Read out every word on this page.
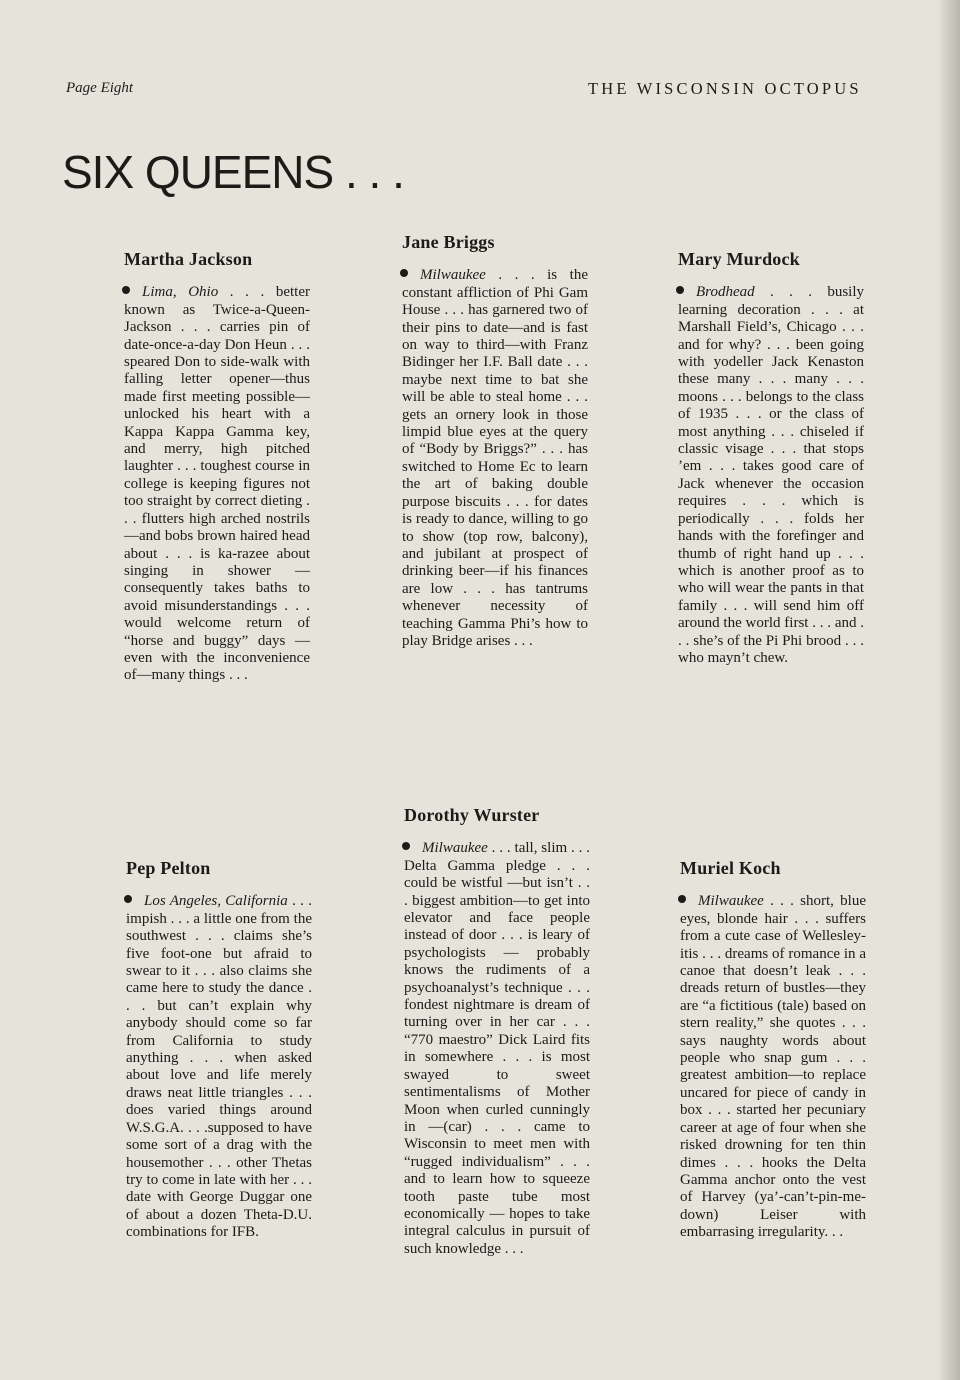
Page Eight	THE WISCONSIN OCTOPUS
SIX QUEENS . . .
Martha Jackson

Lima, Ohio . . . better known as Twice-a-Queen-Jackson . . . carries pin of date-once-a-day Don Heun . . . speared Don to side-walk with falling letter opener—thus made first meeting possible—unlocked his heart with a Kappa Kappa Gamma key, and merry, high pitched laughter . . . toughest course in college is keeping figures not too straight by correct dieting . . . flutters high arched nostrils—and bobs brown haired head about . . . is ka-razee about singing in shower — consequently takes baths to avoid misunderstandings . . . would welcome return of “horse and buggy” days —even with the inconvenience of—many things . . .

Jane Briggs

Milwaukee . . . is the constant affliction of Phi Gam House . . . has garnered two of their pins to date—and is fast on way to third—with Franz Bidinger her I.F. Ball date . . . maybe next time to bat she will be able to steal home . . . gets an ornery look in those limpid blue eyes at the query of “Body by Briggs?” . . . has switched to Home Ec to learn the art of baking double purpose biscuits . . . for dates is ready to dance, willing to go to show (top row, balcony), and jubilant at prospect of drinking beer—if his finances are low . . . has tantrums whenever necessity of teaching Gamma Phi’s how to play Bridge arises . . .

Mary Murdock

Brodhead . . . busily learning decoration . . . at Marshall Field’s, Chicago . . . and for why? . . . been going with yodeller Jack Kenaston these many . . . many . . . moons . . . belongs to the class of 1935 . . . or the class of most anything . . . chiseled if classic visage . . . that stops ’em . . . takes good care of Jack whenever the occasion requires . . . which is periodically . . . folds her hands with the forefinger and thumb of right hand up . . . which is another proof as to who will wear the pants in that family . . . will send him off around the world first . . . and . . . she’s of the Pi Phi brood . . . who mayn’t chew.

Pep Pelton

Los Angeles, California . . . impish . . . a little one from the southwest . . . claims she’s five foot-one but afraid to swear to it . . . also claims she came here to study the dance . . . but can’t explain why anybody should come so far from California to study anything . . . when asked about love and life merely draws neat little triangles . . . does varied things around W.S.G.A. . . .supposed to have some sort of a drag with the housemother . . . other Thetas try to come in late with her . . . date with George Duggar one of about a dozen Theta-D.U. combinations for IFB.

Dorothy Wurster

Milwaukee . . . tall, slim . . . Delta Gamma pledge . . . could be wistful —but isn’t . . . biggest ambition—to get into elevator and face people instead of door . . . is leary of psychologists — probably knows the rudiments of a psychoanalyst’s technique . . . fondest nightmare is dream of turning over in her car . . . “770 maestro” Dick Laird fits in somewhere . . . is most swayed to sweet sentimentalisms of Mother Moon when curled cunningly in —(car) . . . came to Wisconsin to meet men with “rugged individualism” . . . and to learn how to squeeze tooth paste tube most economically — hopes to take integral calculus in pursuit of such knowledge . . .

Muriel Koch

Milwaukee . . . short, blue eyes, blonde hair . . . suffers from a cute case of Wellesley-itis . . . dreams of romance in a canoe that doesn’t leak . . . dreads return of bustles—they are “a fictitious (tale) based on stern reality,” she quotes . . . says naughty words about people who snap gum . . . greatest ambition—to replace uncared for piece of candy in box . . . started her pecuniary career at age of four when she risked drowning for ten thin dimes . . . hooks the Delta Gamma anchor onto the vest of Harvey (ya’-can’t-pin-me-down) Leiser with embarrasing irregularity. . .
